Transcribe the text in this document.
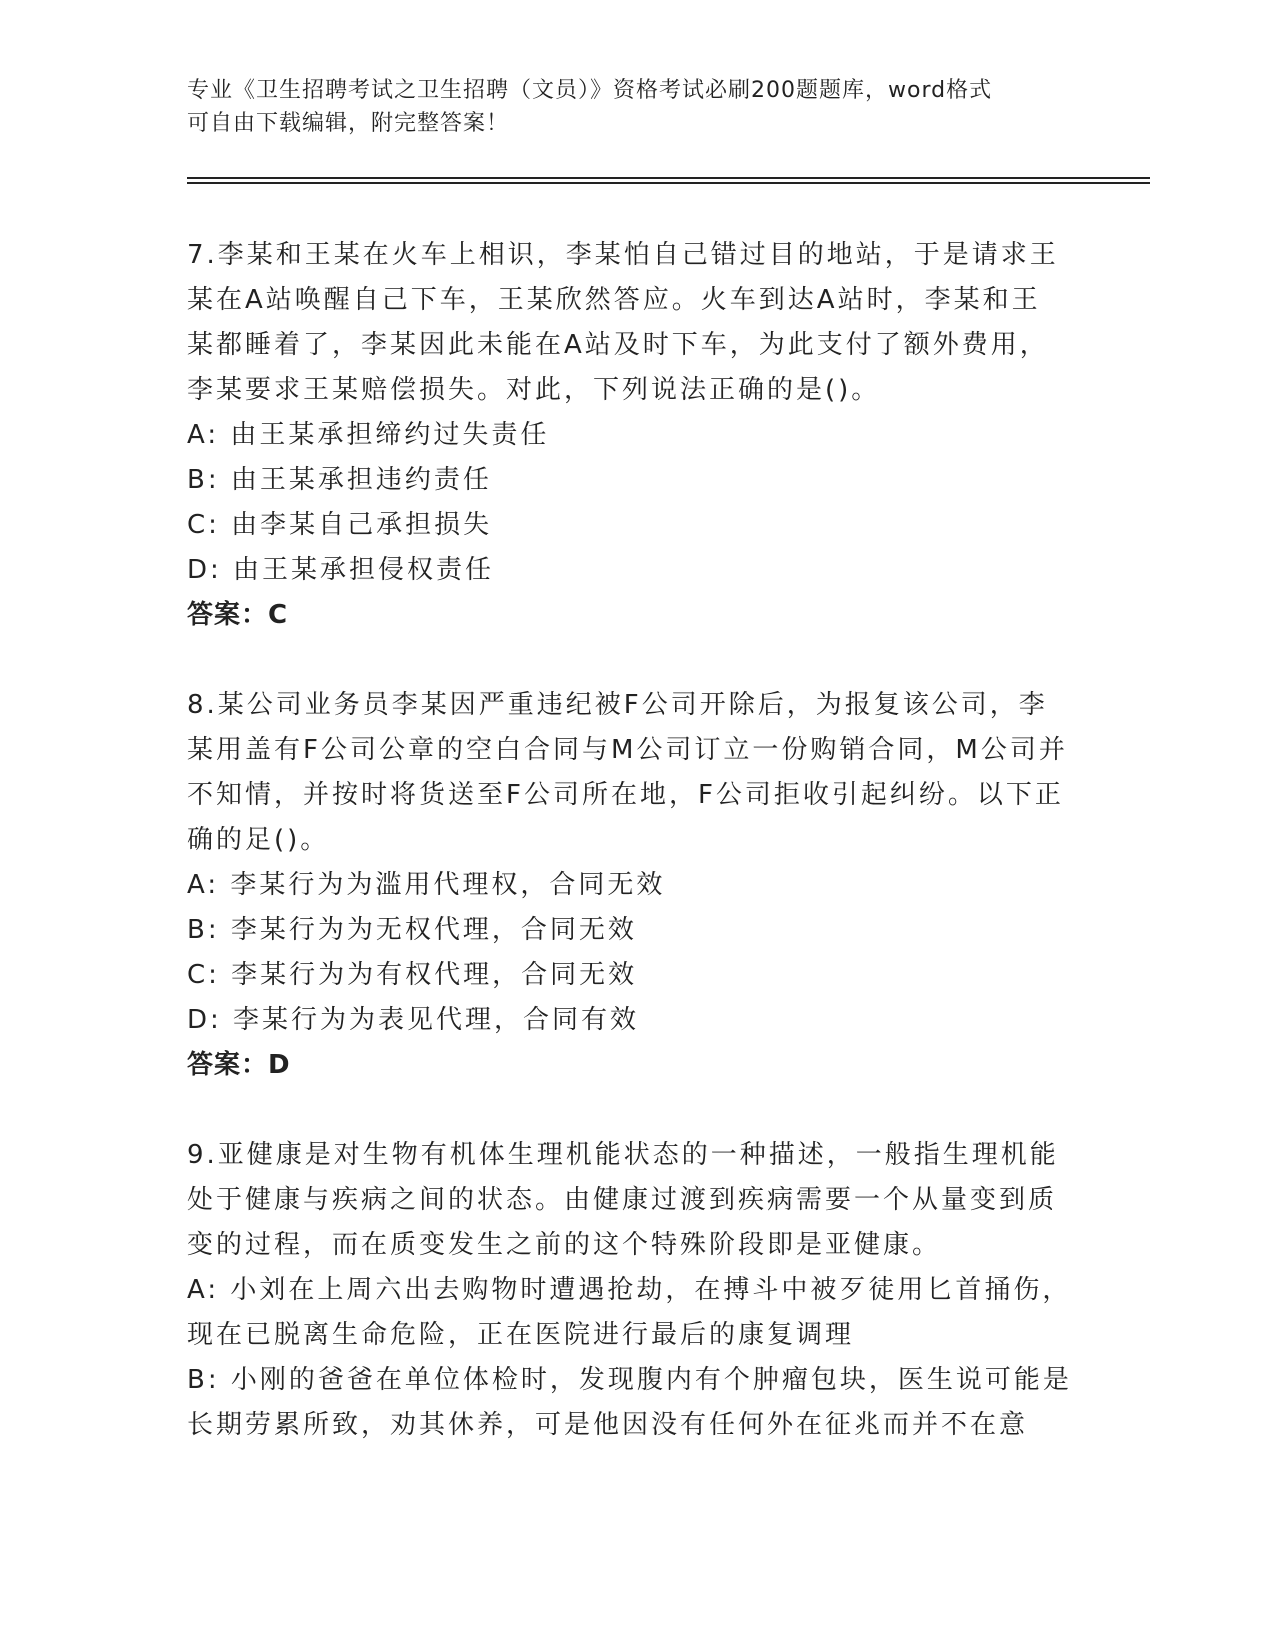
专业《卫生招聘考试之卫生招聘（文员）》资格考试必刷200题题库，word格式
可自由下载编辑，附完整答案！
7.李某和王某在火车上相识，李某怕自己错过目的地站，于是请求王
某在A站唤醒自己下车，王某欣然答应。火车到达A站时，李某和王
某都睡着了，李某因此未能在A站及时下车，为此支付了额外费用，
李某要求王某赔偿损失。对此，下列说法正确的是()。
A: 由王某承担缔约过失责任
B: 由王某承担违约责任
C: 由李某自己承担损失
D: 由王某承担侵权责任
答案：C
8.某公司业务员李某因严重违纪被F公司开除后，为报复该公司，李
某用盖有F公司公章的空白合同与M公司订立一份购销合同，M公司并
不知情，并按时将货送至F公司所在地，F公司拒收引起纠纷。以下正
确的足()。
A: 李某行为为滥用代理权，合同无效
B: 李某行为为无权代理，合同无效
C: 李某行为为有权代理，合同无效
D: 李某行为为表见代理，合同有效
答案：D
9.亚健康是对生物有机体生理机能状态的一种描述，一般指生理机能
处于健康与疾病之间的状态。由健康过渡到疾病需要一个从量变到质
变的过程，而在质变发生之前的这个特殊阶段即是亚健康。
A: 小刘在上周六出去购物时遭遇抢劫，在搏斗中被歹徒用匕首捅伤，
现在已脱离生命危险，正在医院进行最后的康复调理
B: 小刚的爸爸在单位体检时，发现腹内有个肿瘤包块，医生说可能是
长期劳累所致，劝其休养，可是他因没有任何外在征兆而并不在意
